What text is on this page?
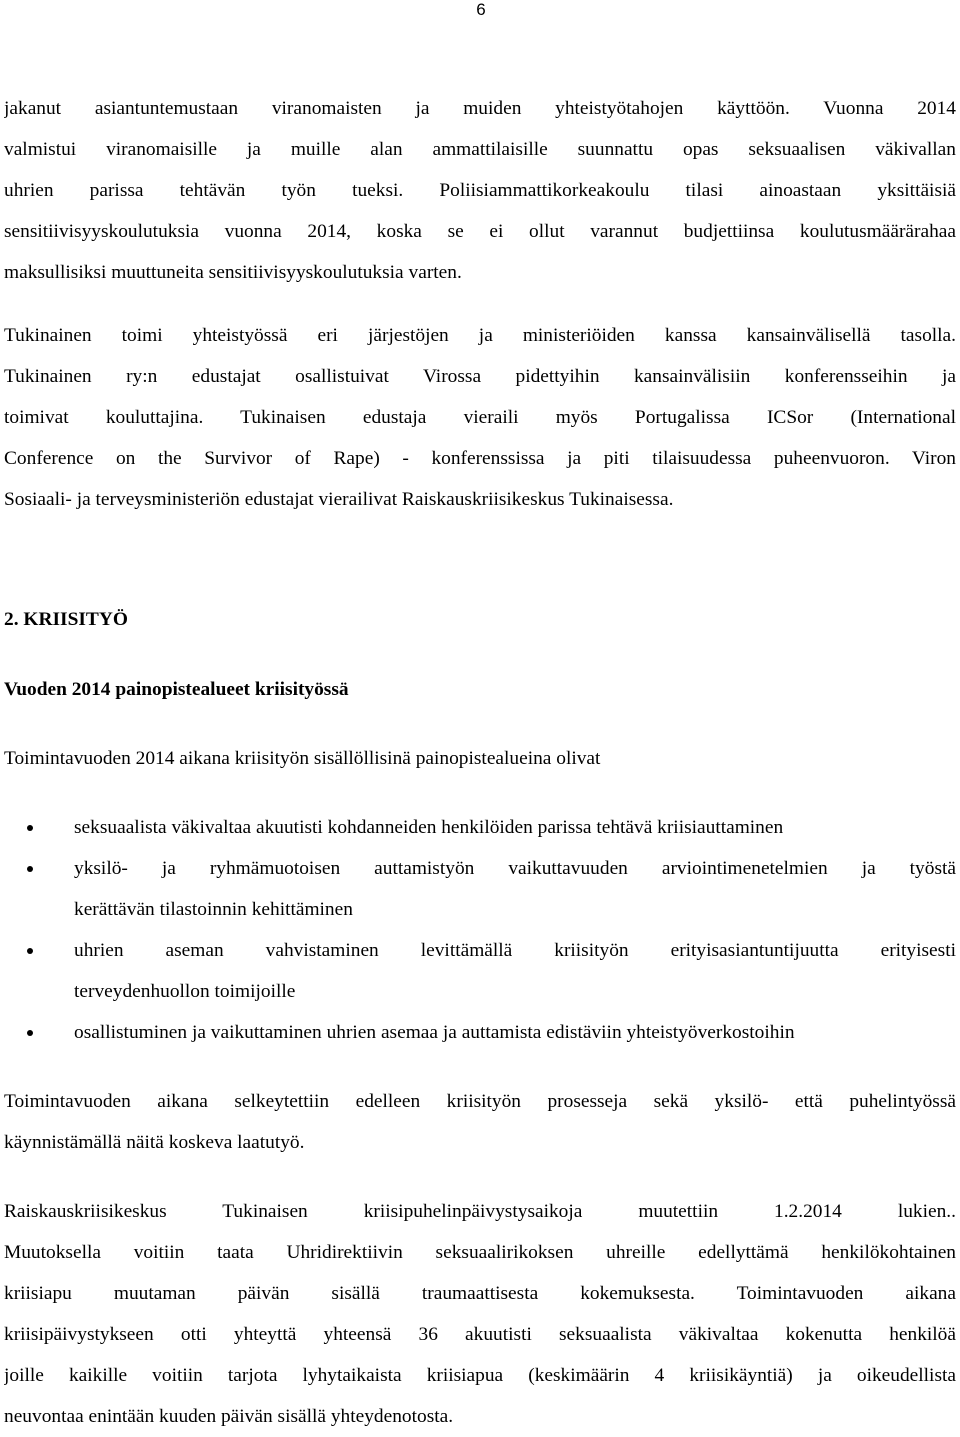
6
jakanut asiantuntemustaan viranomaisten ja muiden yhteistyötahojen käyttöön. Vuonna 2014
valmistui viranomaisille ja muille alan ammattilaisille suunnattu opas seksuaalisen väkivallan
uhrien parissa tehtävän työn tueksi. Poliisiammattikorkeakoulu tilasi ainoastaan yksittäisiä
sensitiivisyyskoulutuksia vuonna 2014, koska se ei ollut varannut budjettiinsa koulutusmäärärahaa
maksullisiksi muuttuneita sensitiivisyyskoulutuksia varten.
Tukinainen toimi yhteistyössä eri järjestöjen ja ministeriöiden kanssa kansainvälisellä tasolla.
Tukinainen ry:n edustajat osallistuivat Virossa pidettyihin kansainvälisiin konferensseihin ja
toimivat kouluttajina. Tukinaisen edustaja vieraili myös Portugalissa ICSor (International
Conference on the Survivor of Rape) - konferenssissa ja piti tilaisuudessa puheenvuoron. Viron
Sosiaali- ja terveysministeriön edustajat vierailivat Raiskauskriisikeskus Tukinaisessa.
2. KRIISITYÖ
Vuoden 2014 painopistealueet kriisityössä
Toimintavuoden 2014 aikana kriisityön sisällöllisinä painopistealueina olivat
seksuaalista väkivaltaa akuutisti kohdanneiden henkilöiden parissa tehtävä kriisiauttaminen
yksilö- ja ryhmämuotoisen auttamistyön vaikuttavuuden arviointimenetelmien ja työstä
kerättävän tilastoinnin kehittäminen
uhrien aseman vahvistaminen levittämällä kriisityön erityisasiantuntijuutta erityisesti
terveydenhuollon toimijoille
osallistuminen ja vaikuttaminen uhrien asemaa ja auttamista edistäviin yhteistyöverkostoihin
Toimintavuoden aikana selkeytettiin edelleen kriisityön prosesseja sekä yksilö- että puhelintyössä
käynnistämällä näitä koskeva laatutyö.
Raiskauskriisikeskus Tukinaisen kriisipuhelinpäivystysaikoja muutettiin 1.2.2014 lukien..
Muutoksella voitiin taata Uhridirektiivin seksuaalirikoksen uhreille edellyttämä henkilökohtainen
kriisiapu muutaman päivän sisällä traumaattisesta kokemuksesta. Toimintavuoden aikana
kriisipäivystykseen otti yhteyttä yhteensä 36 akuutisti seksuaalista väkivaltaa kokenutta henkilöä
joille kaikille voitiin tarjota lyhytaikaista kriisiapua (keskimäärin 4 kriisikäyntiä) ja oikeudellista
neuvontaa enintään kuuden päivän sisällä yhteydenotosta.
